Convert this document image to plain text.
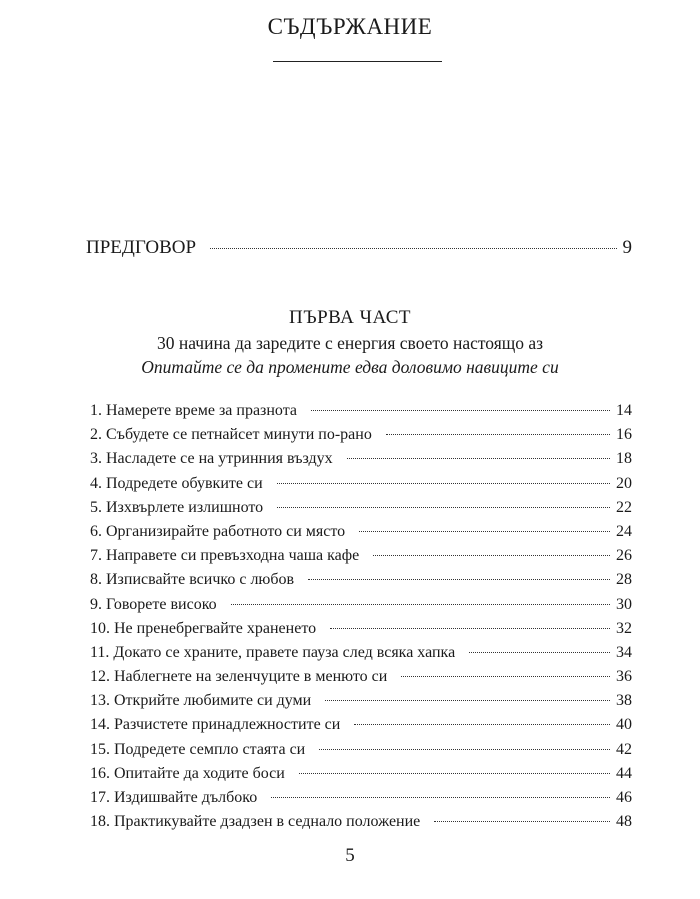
СЪДЪРЖАНИЕ
ПРЕДГОВОР	9
ПЪРВА ЧАСТ
30 начина да заредите с енергия своето настоящо аз
Опитайте се да промените едва доловимо навиците си
1. Намерете време за празнота	14
2. Събудете се петнайсет минути по-рано	16
3. Насладете се на утринния въздух	18
4. Подредете обувките си	20
5. Изхвърлете излишното	22
6. Организирайте работното си място	24
7. Направете си превъзходна чаша кафе	26
8. Изписвайте всичко с любов	28
9. Говорете високо	30
10. Не пренебрегвайте храненето	32
11. Докато се храните, правете пауза след всяка хапка	34
12. Наблегнете на зеленчуците в менюто си	36
13. Открийте любимите си думи	38
14. Разчистете принадлежностите си	40
15. Подредете семпло стаята си	42
16. Опитайте да ходите боси	44
17. Издишвайте дълбоко	46
18. Практикувайте дзадзен в седнало положение	48
5
